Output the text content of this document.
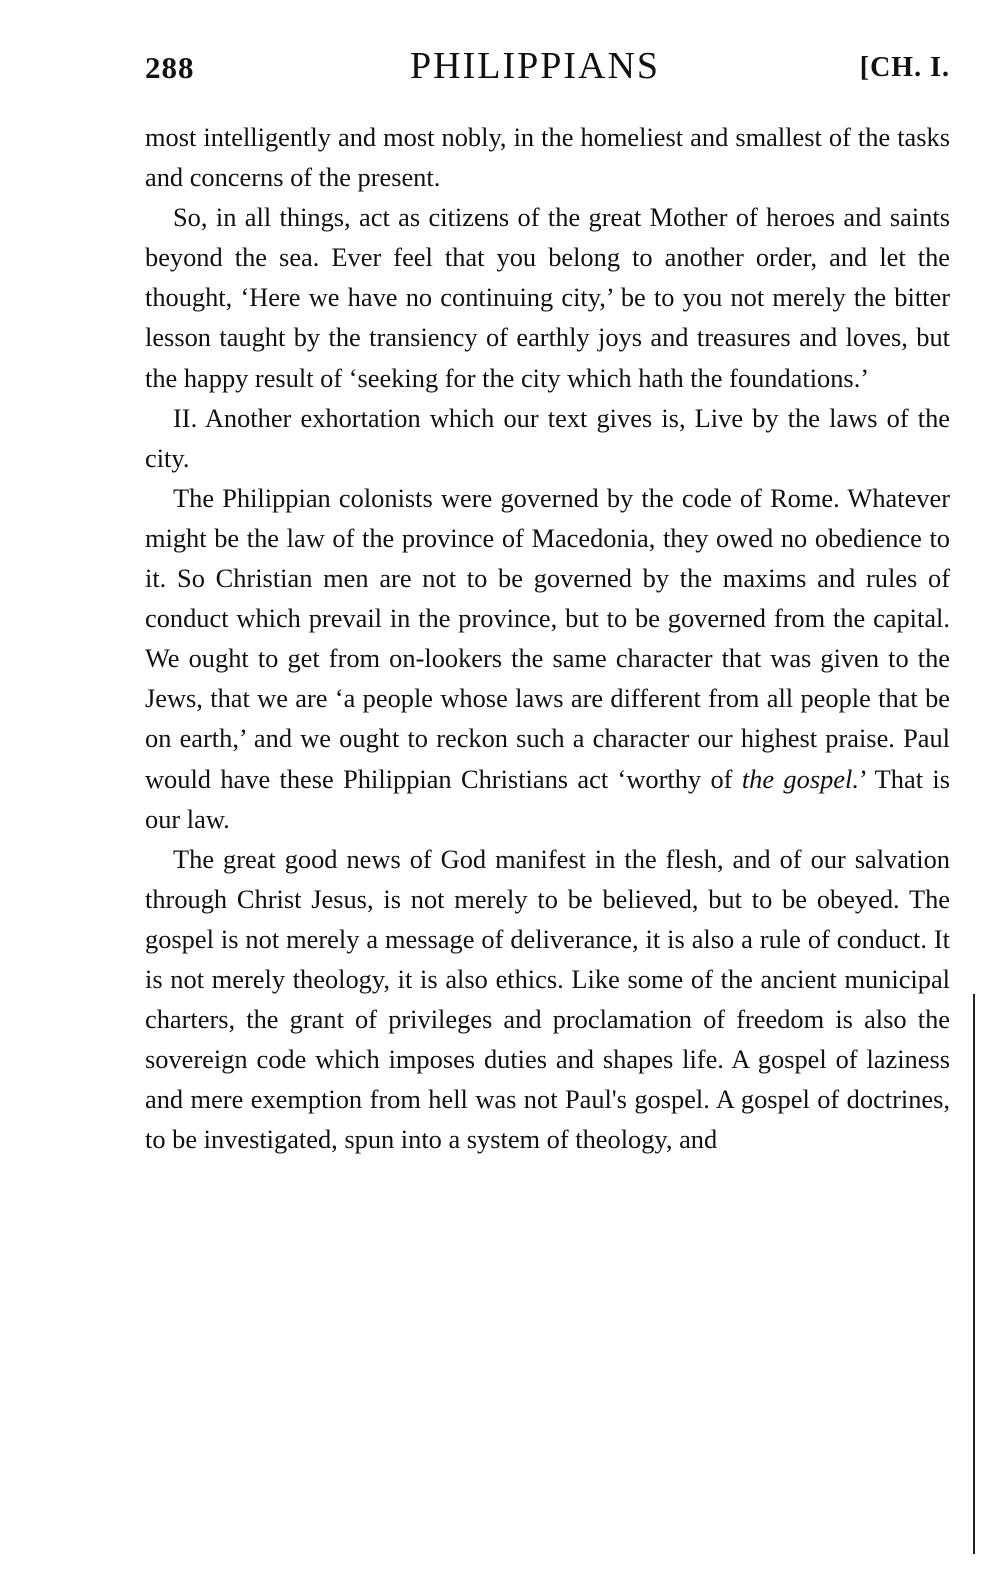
288	PHILIPPIANS	[CH. I.

most intelligently and most nobly, in the homeliest and smallest of the tasks and concerns of the present.

So, in all things, act as citizens of the great Mother of heroes and saints beyond the sea. Ever feel that you belong to another order, and let the thought, ‘Here we have no continuing city,’ be to you not merely the bitter lesson taught by the transiency of earthly joys and treasures and loves, but the happy result of ‘seeking for the city which hath the foundations.’

II. Another exhortation which our text gives is, Live by the laws of the city.

The Philippian colonists were governed by the code of Rome. Whatever might be the law of the province of Macedonia, they owed no obedience to it. So Christian men are not to be governed by the maxims and rules of conduct which prevail in the province, but to be governed from the capital. We ought to get from on-lookers the same character that was given to the Jews, that we are ‘a people whose laws are different from all people that be on earth,’ and we ought to reckon such a character our highest praise. Paul would have these Philippian Christians act ‘worthy of the gospel.’ That is our law.

The great good news of God manifest in the flesh, and of our salvation through Christ Jesus, is not merely to be believed, but to be obeyed. The gospel is not merely a message of deliverance, it is also a rule of conduct. It is not merely theology, it is also ethics. Like some of the ancient municipal charters, the grant of privileges and proclamation of freedom is also the sovereign code which imposes duties and shapes life. A gospel of laziness and mere exemption from hell was not Paul's gospel. A gospel of doctrines, to be investigated, spun into a system of theology, and
